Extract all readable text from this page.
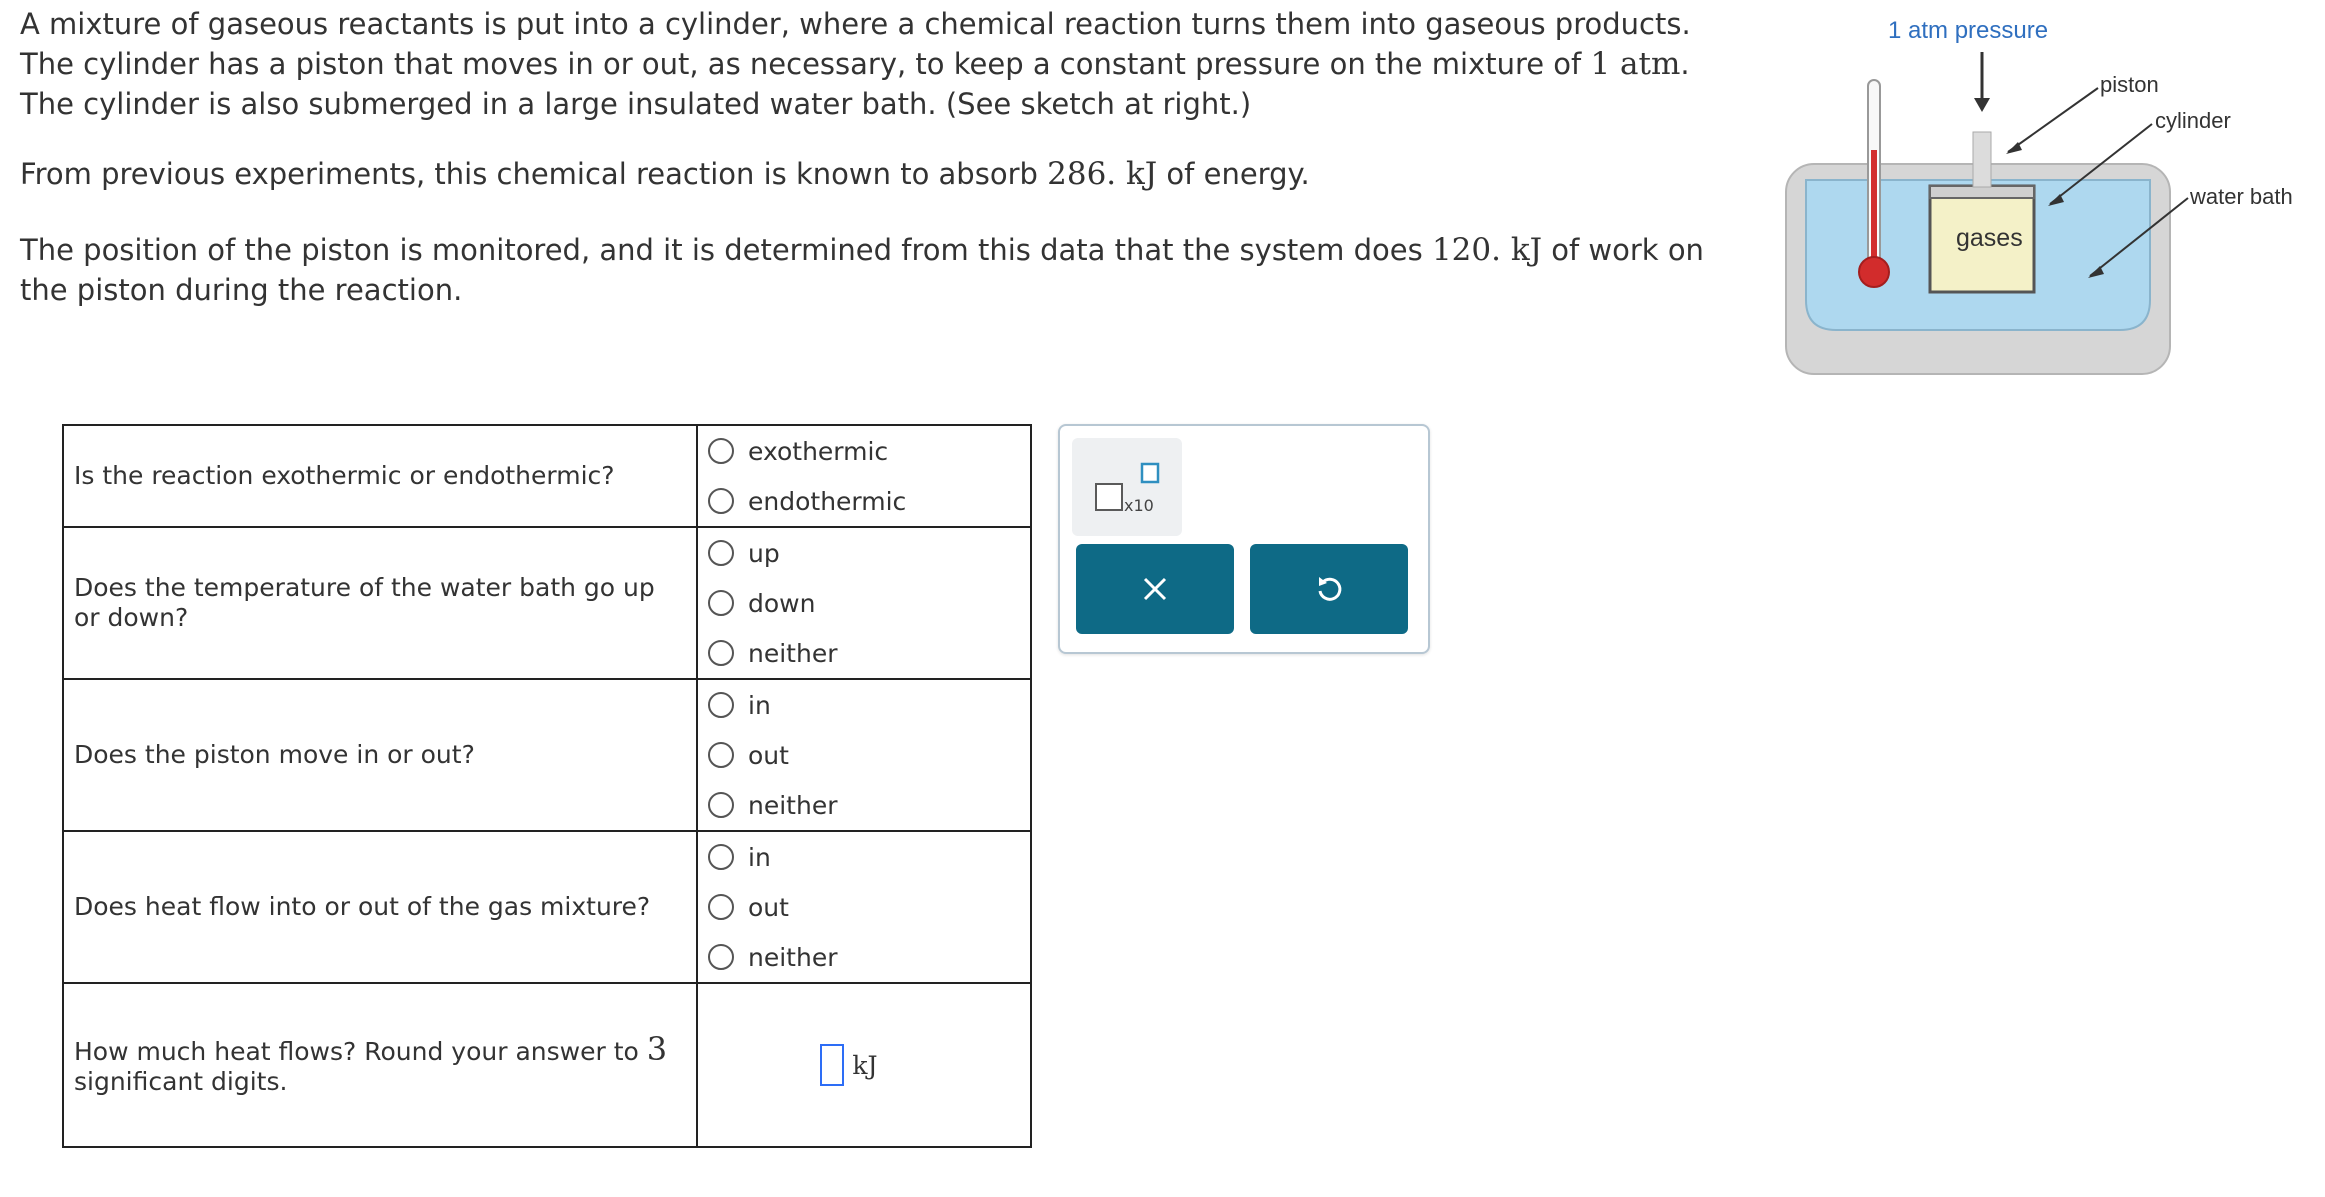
A mixture of gaseous reactants is put into a cylinder, where a chemical reaction turns them into gaseous products. The cylinder has a piston that moves in or out, as necessary, to keep a constant pressure on the mixture of 1 atm. The cylinder is also submerged in a large insulated water bath. (See sketch at right.)

From previous experiments, this chemical reaction is known to absorb 286. kJ of energy.

The position of the piston is monitored, and it is determined from this data that the system does 120. kJ of work on the piston during the reaction.

1 atm pressure
piston
cylinder
water bath
gases
Is the reaction exothermic or endothermic?	exothermic
endothermic

Does the temperature of the water bath go up or down?	up
down
neither

Does the piston move in or out?	in
out
neither

Does heat flow into or out of the gas mixture?	in
out
neither

How much heat flows? Round your answer to 3 significant digits.	kJ
x10
